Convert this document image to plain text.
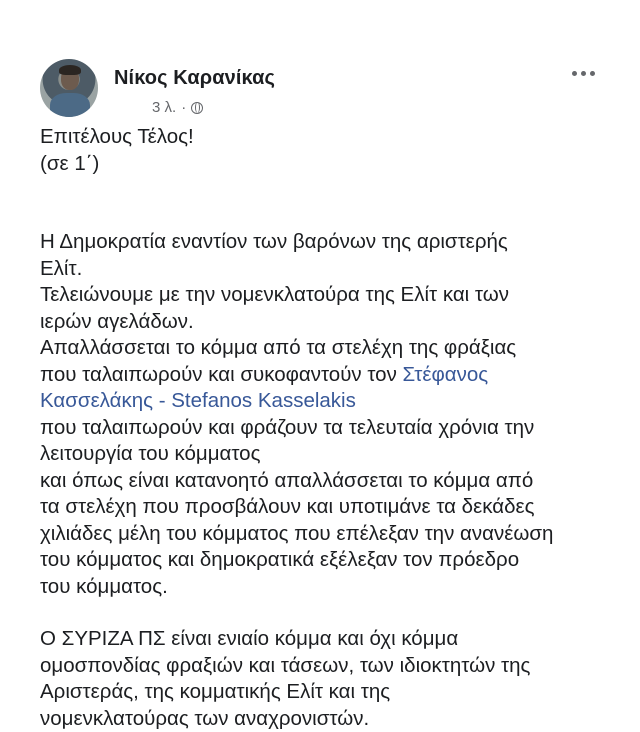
Νίκος Καρανίκας
3 λ. ·
Επιτέλους Τέλος!
(σε 1΄)
Η Δημοκρατία εναντίον των βαρόνων της αριστερής
Ελίτ.
Τελειώνουμε με την νομενκλατούρα της Ελίτ και των
ιερών αγελάδων.
Απαλλάσσεται το κόμμα από τα στελέχη της φράξιας
που ταλαιπωρούν και συκοφαντούν τον Στέφανος
Κασσελάκης - Stefanos Kasselakis
που ταλαιπωρούν και φράζουν τα τελευταία χρόνια την
λειτουργία του κόμματος
και όπως είναι κατανοητό απαλλάσσεται το κόμμα από
τα στελέχη που προσβάλουν και υποτιμάνε τα δεκάδες
χιλιάδες μέλη του κόμματος που επέλεξαν την ανανέωση
του κόμματος και δημοκρατικά εξέλεξαν τον πρόεδρο
του κόμματος.
Ο ΣΥΡΙΖΑ ΠΣ είναι ενιαίο κόμμα και όχι κόμμα
ομοσπονδίας φραξιών και τάσεων, των ιδιοκτητών της
Αριστεράς, της κομματικής Ελίτ και της
νομενκλατούρας των αναχρονιστών.
